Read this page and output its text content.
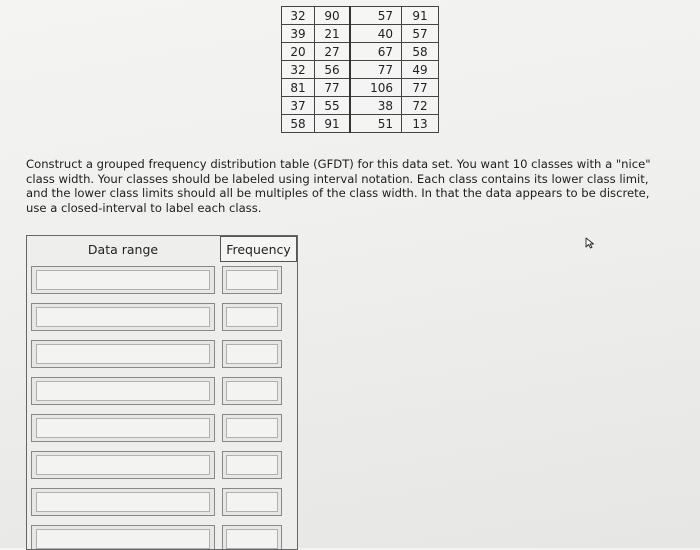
32	90	57	91
39	21	40	57
20	27	67	58
32	56	77	49
81	77	106	77
37	55	38	72
58	91	51	13
Construct a grouped frequency distribution table (GFDT) for this data set. You want 10 classes with a "nice" class width. Your classes should be labeled using interval notation. Each class contains its lower class limit, and the lower class limits should all be multiples of the class width. In that the data appears to be discrete, use a closed-interval to label each class.
Data range	Frequency
